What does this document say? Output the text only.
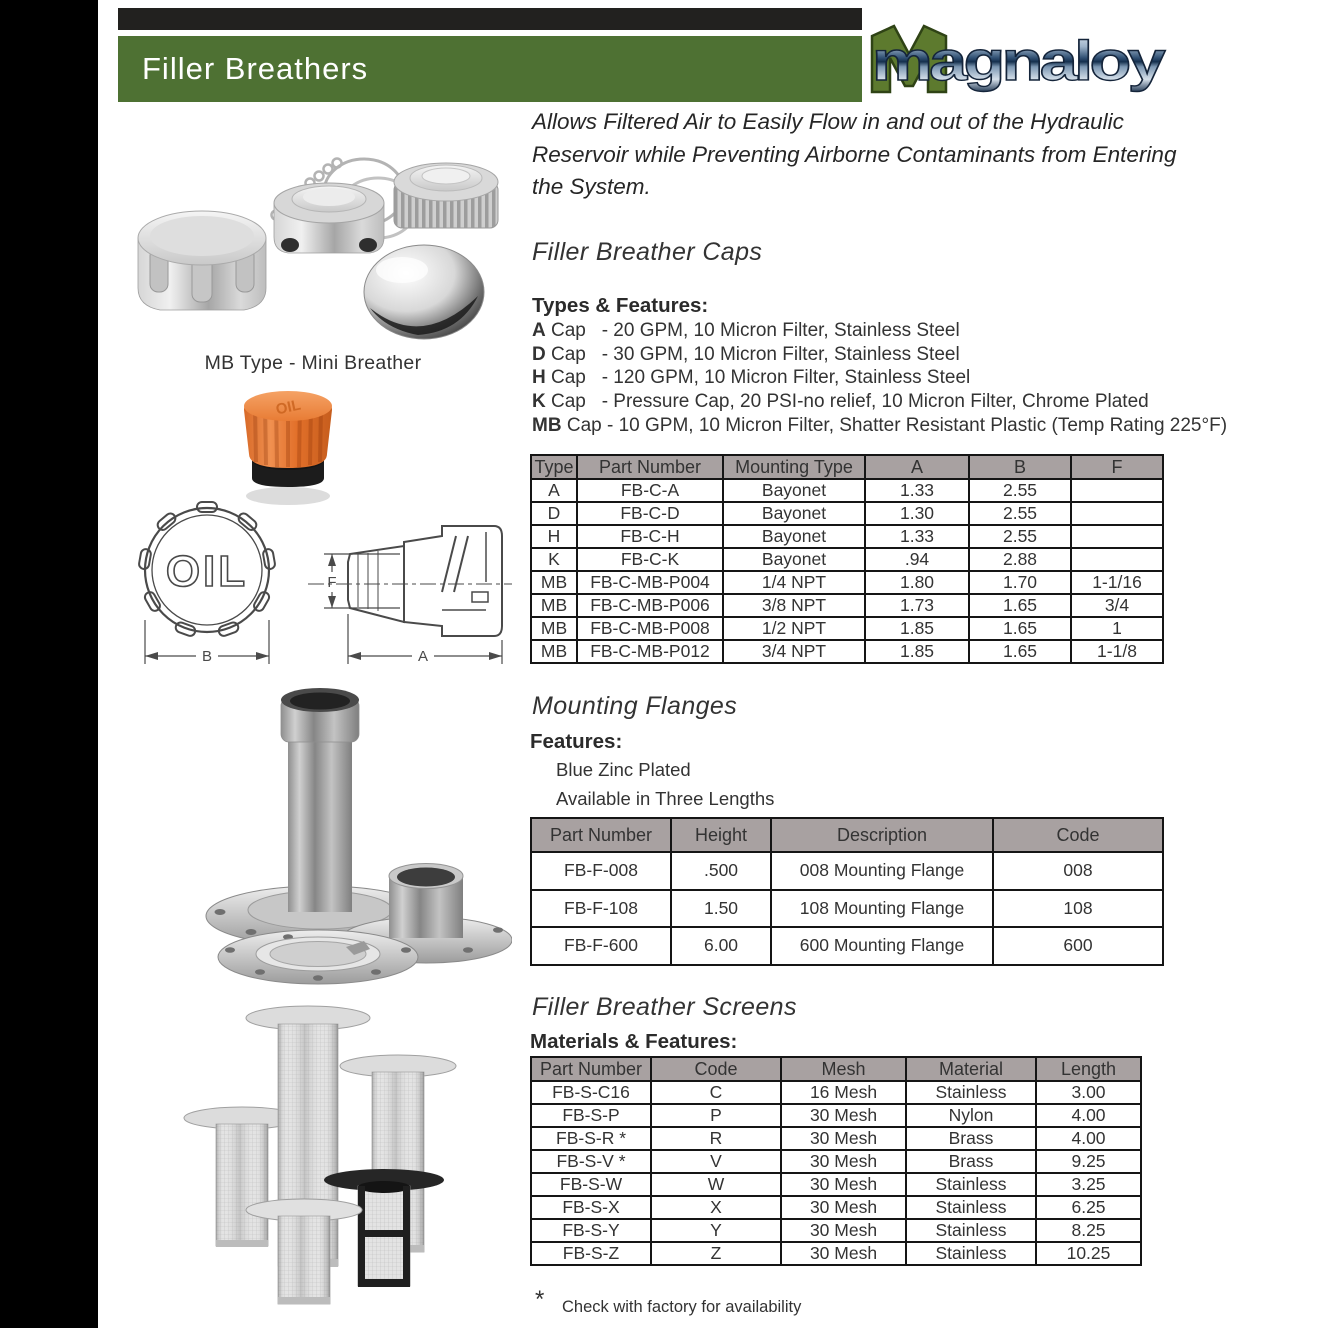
Filler Breathers	magnaloy
MB Type - Mini Breather
OIL
OIL
B
F
A
Allows Filtered Air to Easily Flow in and out of the Hydraulic Reservoir while Preventing Airborne Contaminants from Entering the System.
Filler Breather Caps
Types & Features:
A Cap   - 20 GPM, 10 Micron Filter, Stainless Steel
D Cap   - 30 GPM, 10 Micron Filter, Stainless Steel
H Cap   - 120 GPM, 10 Micron Filter, Stainless Steel
K Cap   - Pressure Cap, 20 PSI-no relief, 10 Micron Filter, Chrome Plated
MB Cap - 10 GPM, 10 Micron Filter, Shatter Resistant Plastic (Temp Rating 225°F)
Type	Part Number	Mounting Type	A	B	F
A	FB-C-A	Bayonet	1.33	2.55	
D	FB-C-D	Bayonet	1.30	2.55	
H	FB-C-H	Bayonet	1.33	2.55	
K	FB-C-K	Bayonet	.94	2.88	
MB	FB-C-MB-P004	1/4 NPT	1.80	1.70	1-1/16
MB	FB-C-MB-P006	3/8 NPT	1.73	1.65	3/4
MB	FB-C-MB-P008	1/2 NPT	1.85	1.65	1
MB	FB-C-MB-P012	3/4 NPT	1.85	1.65	1-1/8
Mounting Flanges
Features:
Blue Zinc Plated
Available in Three Lengths
Part Number	Height	Description	Code
FB-F-008	.500	008 Mounting Flange	008
FB-F-108	1.50	108 Mounting Flange	108
FB-F-600	6.00	600 Mounting Flange	600
Filler Breather Screens
Materials & Features:
Part Number	Code	Mesh	Material	Length
FB-S-C16	C	16 Mesh	Stainless	3.00
FB-S-P	P	30 Mesh	Nylon	4.00
FB-S-R *	R	30 Mesh	Brass	4.00
FB-S-V *	V	30 Mesh	Brass	9.25
FB-S-W	W	30 Mesh	Stainless	3.25
FB-S-X	X	30 Mesh	Stainless	6.25
FB-S-Y	Y	30 Mesh	Stainless	8.25
FB-S-Z	Z	30 Mesh	Stainless	10.25
* Check with factory for availability
